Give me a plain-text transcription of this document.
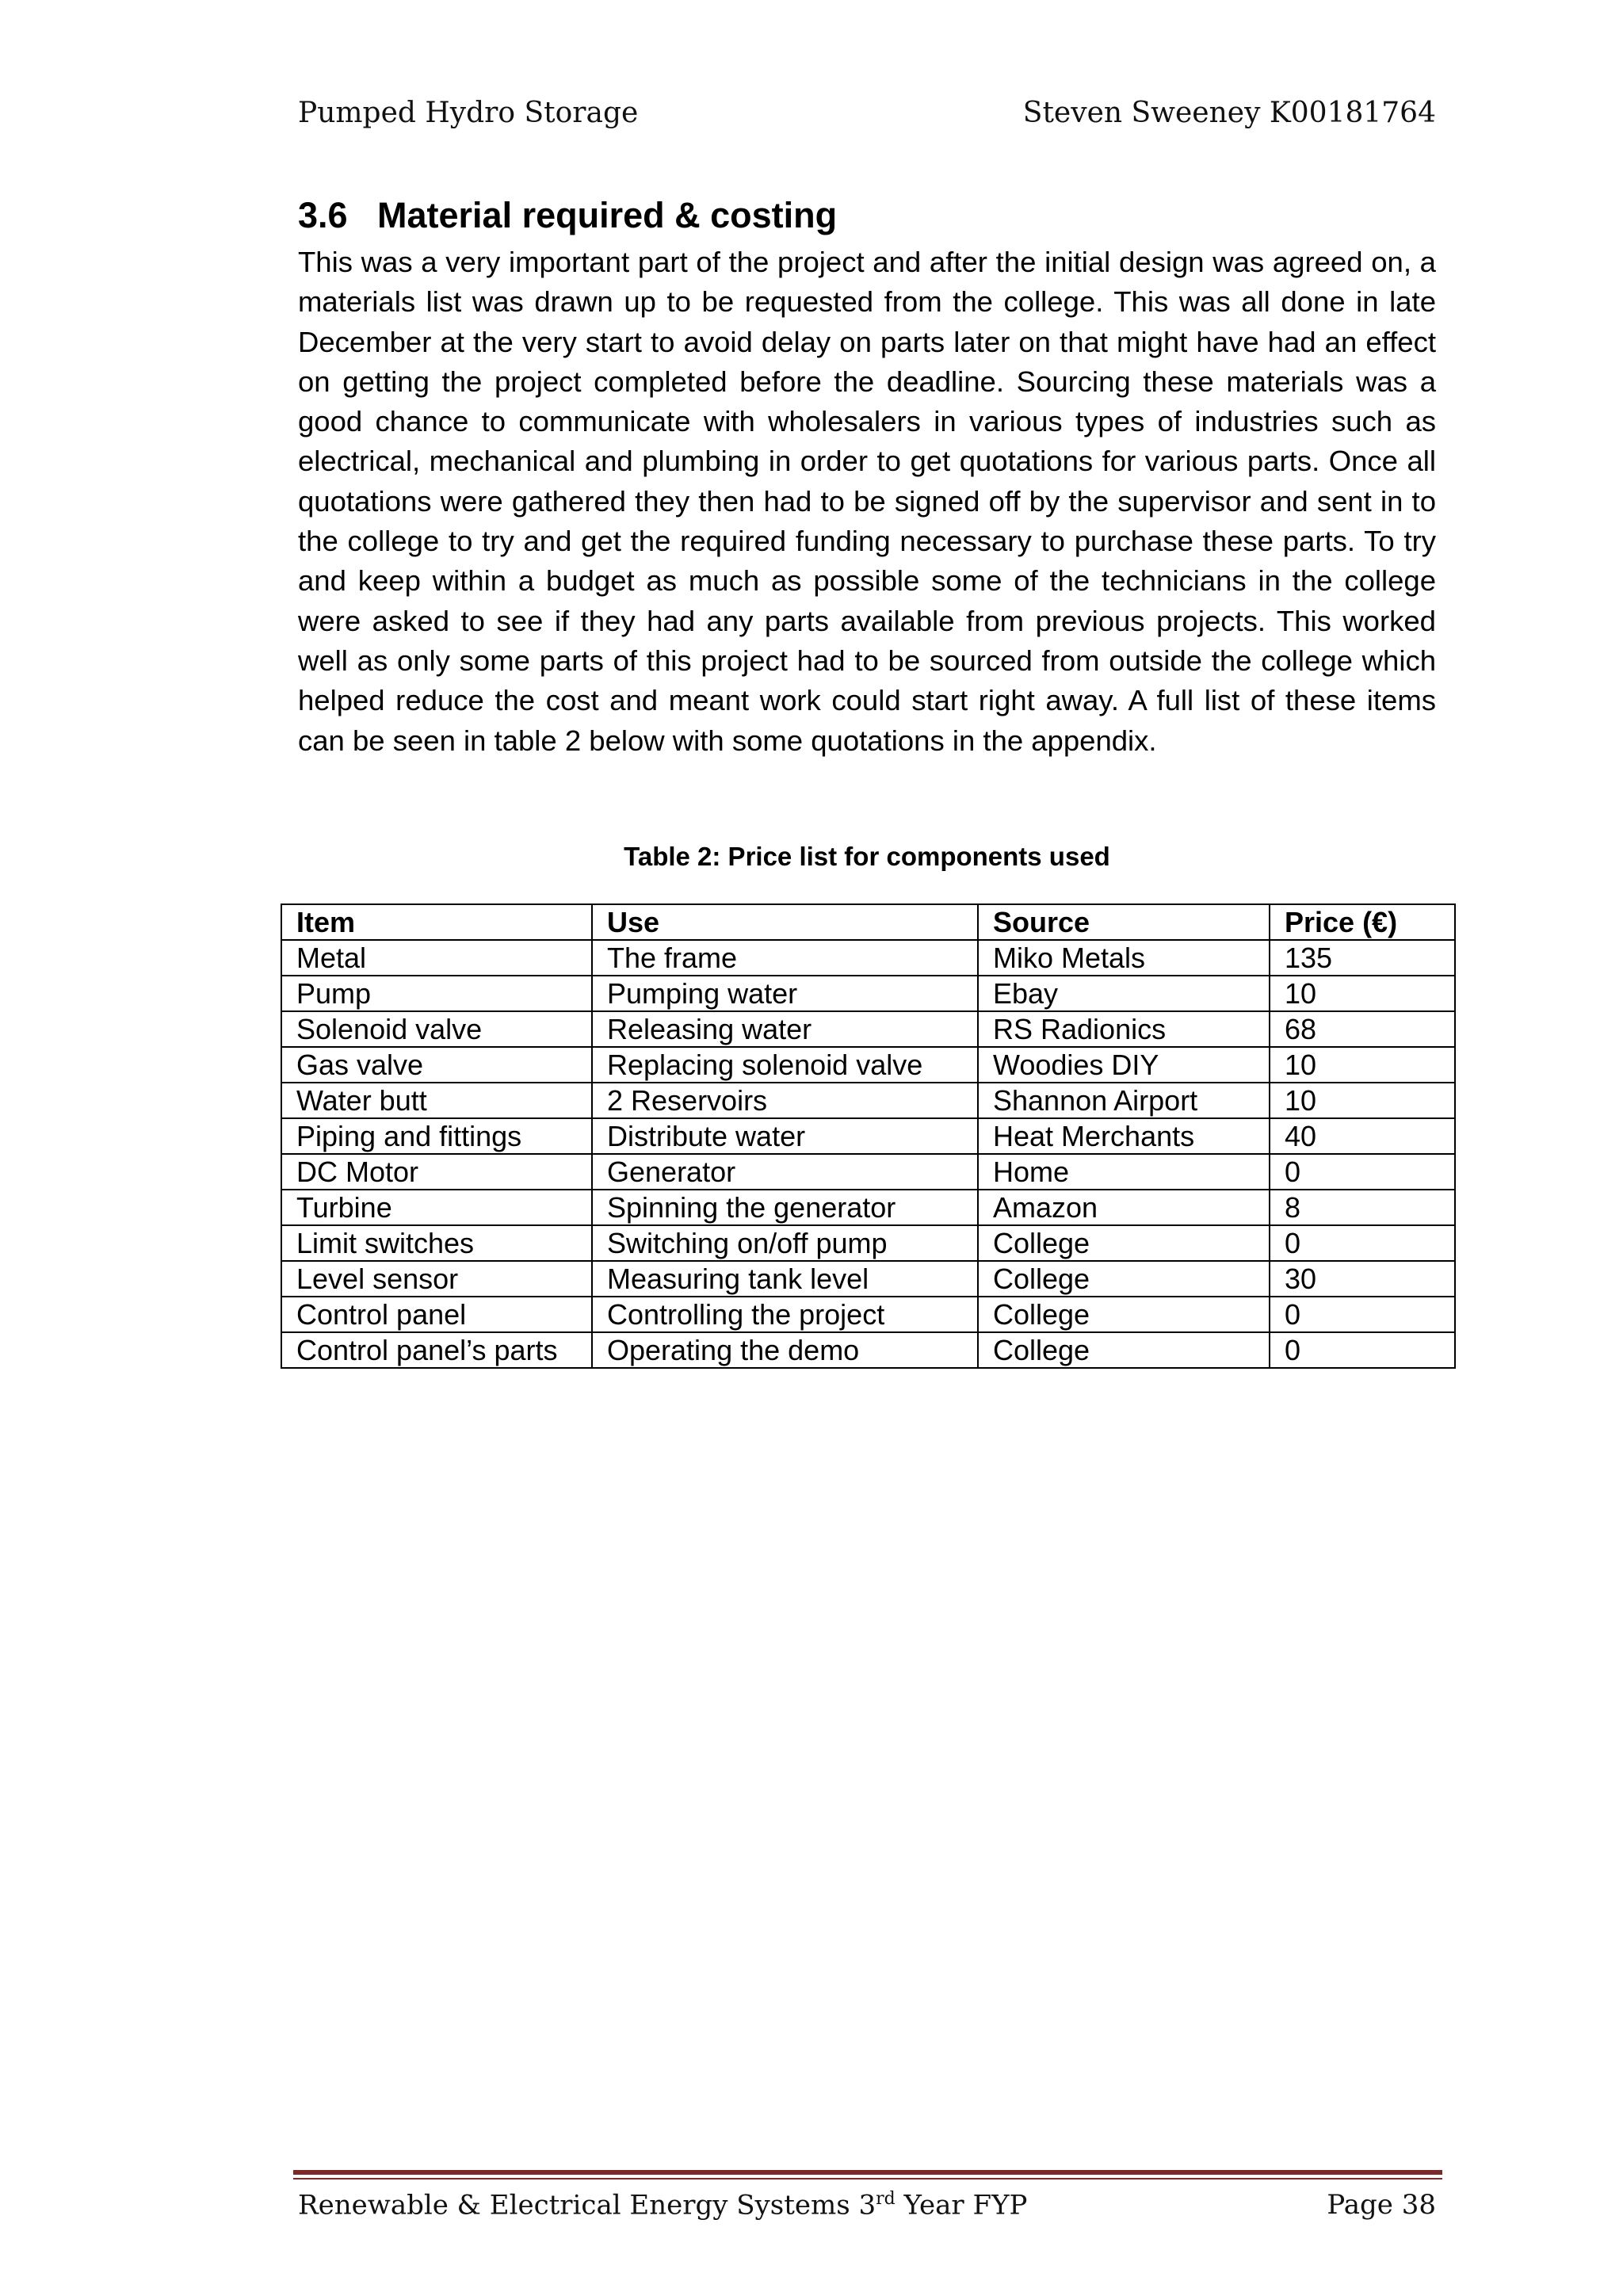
Pumped Hydro Storage	Steven Sweeney K00181764
3.6 Material required & costing

This was a very important part of the project and after the initial design was agreed on, a materials list was drawn up to be requested from the college. This was all done in late December at the very start to avoid delay on parts later on that might have had an effect on getting the project completed before the deadline. Sourcing these materials was a good chance to communicate with wholesalers in various types of industries such as electrical, mechanical and plumbing in order to get quotations for various parts. Once all quotations were gathered they then had to be signed off by the supervisor and sent in to the college to try and get the required funding necessary to purchase these parts. To try and keep within a budget as much as possible some of the technicians in the college were asked to see if they had any parts available from previous projects. This worked well as only some parts of this project had to be sourced from outside the college which helped reduce the cost and meant work could start right away. A full list of these items can be seen in table 2 below with some quotations in the appendix.

Table 2: Price list for components used
Item	Use	Source	Price (€)
Metal	The frame	Miko Metals	135
Pump	Pumping water	Ebay	10
Solenoid valve	Releasing water	RS Radionics	68
Gas valve	Replacing solenoid valve	Woodies DIY	10
Water butt	2 Reservoirs	Shannon Airport	10
Piping and fittings	Distribute water	Heat Merchants	40
DC Motor	Generator	Home	0
Turbine	Spinning the generator	Amazon	8
Limit switches	Switching on/off pump	College	0
Level sensor	Measuring tank level	College	30
Control panel	Controlling the project	College	0
Control panel’s parts	Operating the demo	College	0
Renewable & Electrical Energy Systems 3rd Year FYP	Page 38
